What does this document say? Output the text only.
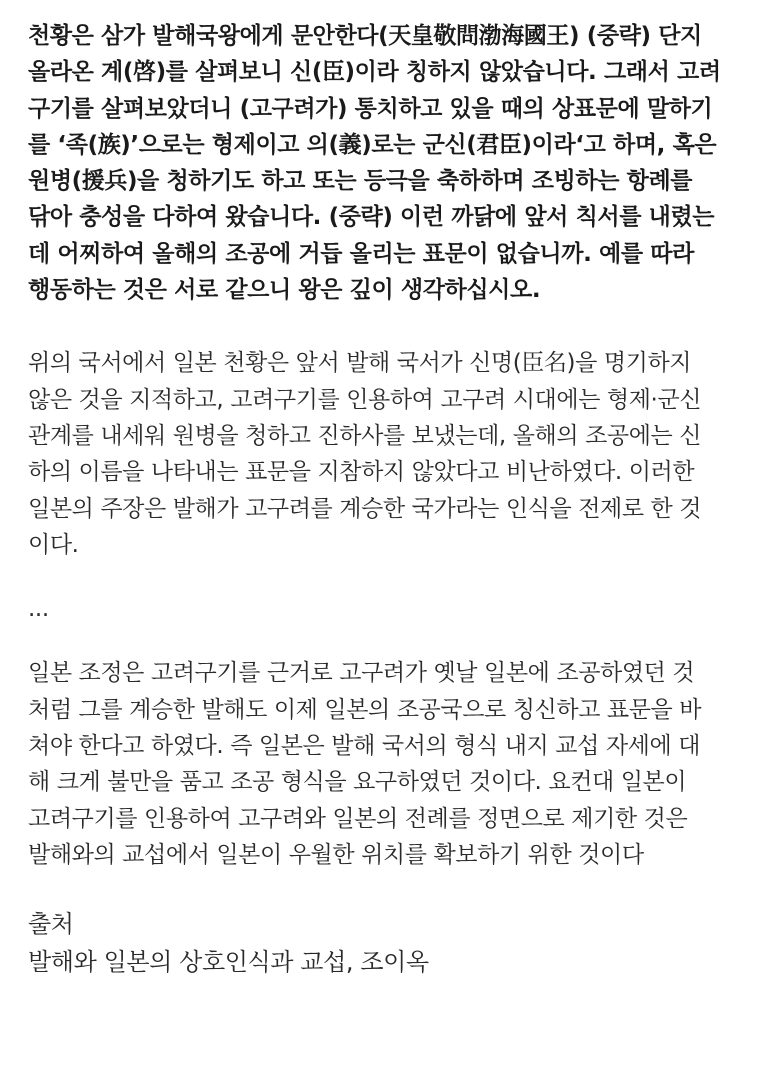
천황은 삼가 발해국왕에게 문안한다(天皇敬問渤海國王) (중략) 단지
올라온 계(啓)를 살펴보니 신(臣)이라 칭하지 않았습니다. 그래서 고려
구기를 살펴보았더니 (고구려가) 통치하고 있을 때의 상표문에 말하기
를 ‘족(族)’으로는 형제이고 의(義)로는 군신(君臣)이라‘고 하며, 혹은
원병(援兵)을 청하기도 하고 또는 등극을 축하하며 조빙하는 항례를
닦아 충성을 다하여 왔습니다. (중략) 이런 까닭에 앞서 칙서를 내렸는
데 어찌하여 올해의 조공에 거듭 올리는 표문이 없습니까. 예를 따라
행동하는 것은 서로 같으니 왕은 깊이 생각하십시오.
위의 국서에서 일본 천황은 앞서 발해 국서가 신명(臣名)을 명기하지
않은 것을 지적하고, 고려구기를 인용하여 고구려 시대에는 형제·군신
관계를 내세워 원병을 청하고 진하사를 보냈는데, 올해의 조공에는 신
하의 이름을 나타내는 표문을 지참하지 않았다고 비난하였다. 이러한
일본의 주장은 발해가 고구려를 계승한 국가라는 인식을 전제로 한 것
이다.
...
일본 조정은 고려구기를 근거로 고구려가 옛날 일본에 조공하였던 것
처럼 그를 계승한 발해도 이제 일본의 조공국으로 칭신하고 표문을 바
쳐야 한다고 하였다. 즉 일본은 발해 국서의 형식 내지 교섭 자세에 대
해 크게 불만을 품고 조공 형식을 요구하였던 것이다. 요컨대 일본이
고려구기를 인용하여 고구려와 일본의 전례를 정면으로 제기한 것은
발해와의 교섭에서 일본이 우월한 위치를 확보하기 위한 것이다
출처
발해와 일본의 상호인식과 교섭, 조이옥
